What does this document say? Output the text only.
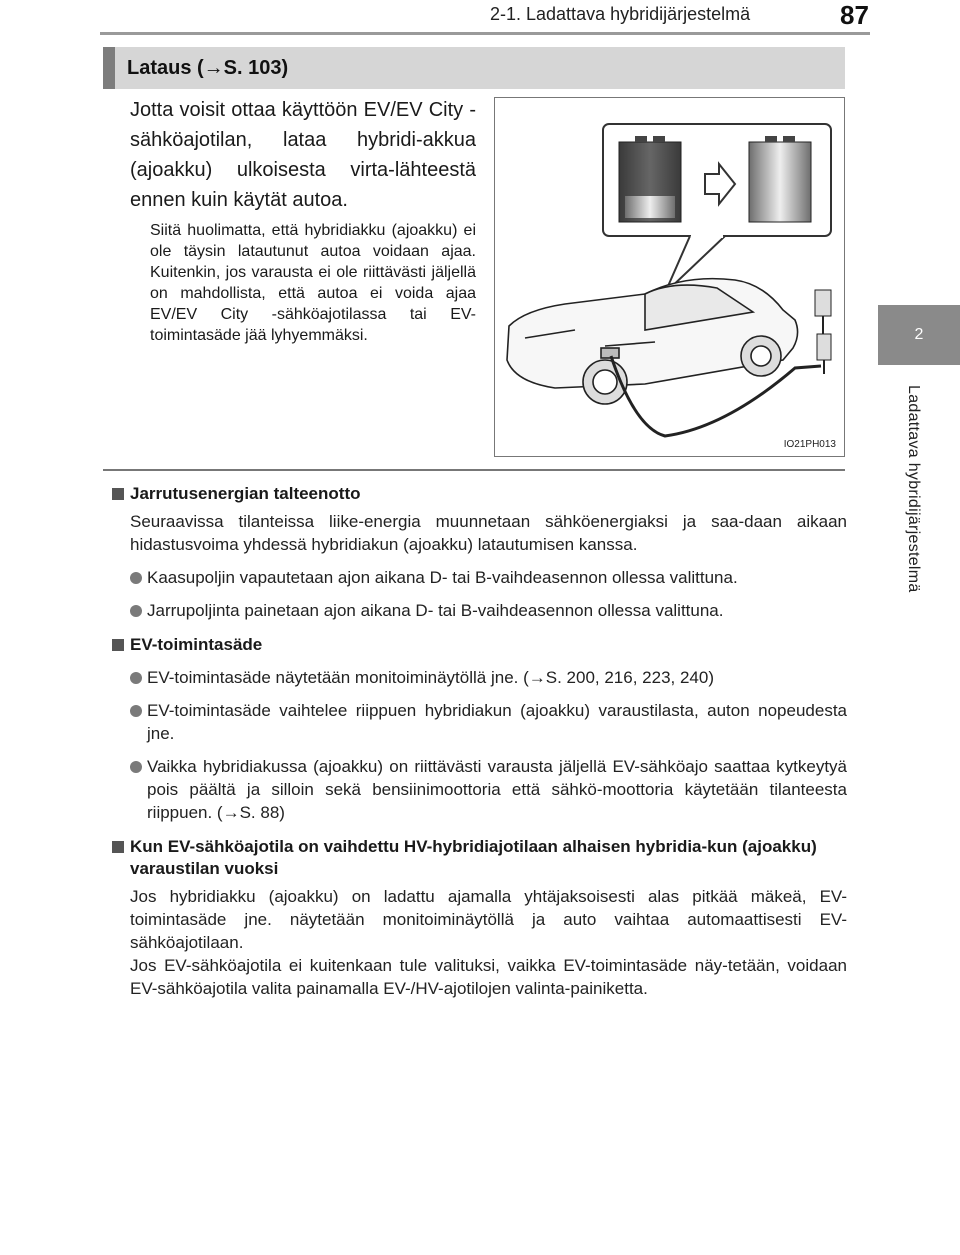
2-1. Ladattava hybridijärjestelmä	87
2
Ladattava hybridijärjestelmä
Lataus (→S. 103)
Jotta voisit ottaa käyttöön EV/EV City -sähköajotilan, lataa hybridi-akkua (ajoakku) ulkoisesta virta-lähteestä ennen kuin käytät autoa.
Siitä huolimatta, että hybridiakku (ajoakku) ei ole täysin latautunut autoa voidaan ajaa. Kuitenkin, jos varausta ei ole riittävästi jäljellä on mahdollista, että autoa ei voida ajaa EV/EV City -sähköajotilassa tai EV-toimintasäde jää lyhyemmäksi.
IO21PH013
Jarrutusenergian talteenotto
Seuraavissa tilanteissa liike-energia muunnetaan sähköenergiaksi ja saa-daan aikaan hidastusvoima yhdessä hybridiakun (ajoakku) latautumisen kanssa.
Kaasupoljin vapautetaan ajon aikana D- tai B-vaihdeasennon ollessa valittuna.
Jarrupoljinta painetaan ajon aikana D- tai B-vaihdeasennon ollessa valittuna.
EV-toimintasäde
EV-toimintasäde näytetään monitoiminäytöllä jne. (→S. 200, 216, 223, 240)
EV-toimintasäde vaihtelee riippuen hybridiakun (ajoakku) varaustilasta, auton nopeudesta jne.
Vaikka hybridiakussa (ajoakku) on riittävästi varausta jäljellä EV-sähköajo saattaa kytkeytyä pois päältä ja silloin sekä bensiinimoottoria että sähkö-moottoria käytetään tilanteesta riippuen. (→S. 88)
Kun EV-sähköajotila on vaihdettu HV-hybridiajotilaan alhaisen hybridia-kun (ajoakku) varaustilan vuoksi
Jos hybridiakku (ajoakku) on ladattu ajamalla yhtäjaksoisesti alas pitkää mäkeä, EV-toimintasäde jne. näytetään monitoiminäytöllä ja auto vaihtaa automaattisesti EV-sähköajotilaan.
Jos EV-sähköajotila ei kuitenkaan tule valituksi, vaikka EV-toimintasäde näy-tetään, voidaan EV-sähköajotila valita painamalla EV-/HV-ajotilojen valinta-painiketta.
